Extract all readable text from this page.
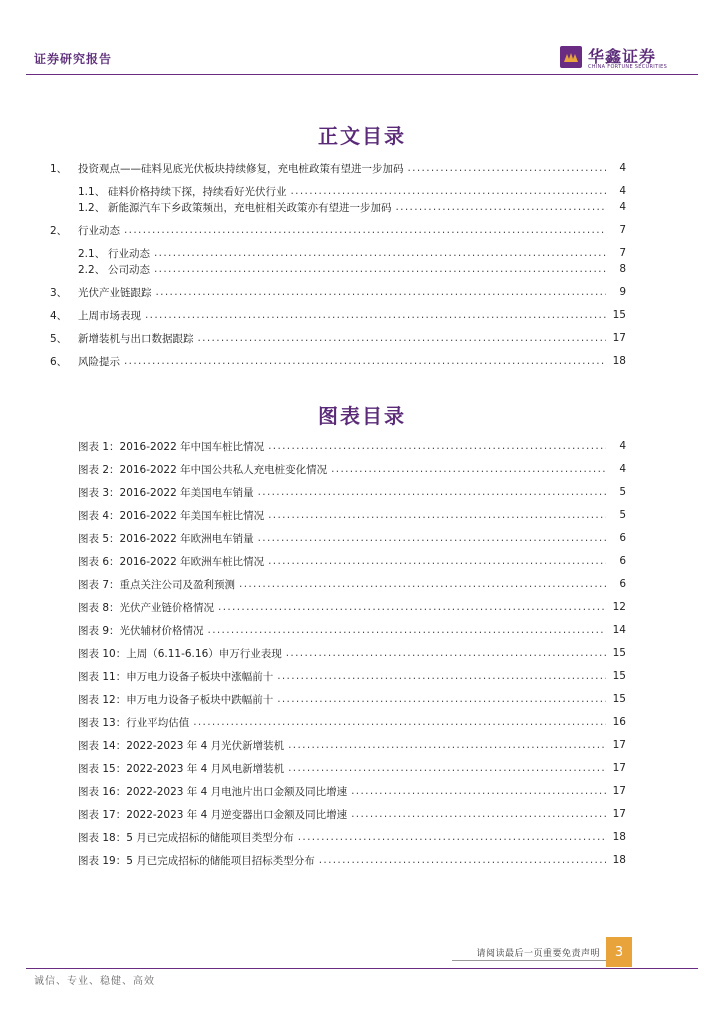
证券研究报告	华鑫证券
CHINA FORTUNE SECURITIES
正文目录
1、	投资观点——硅料见底光伏板块持续修复，充电桩政策有望进一步加码 . . .	4
1.1、 硅料价格持续下探，持续看好光伏行业 . . .	4
1.2、 新能源汽车下乡政策频出，充电桩相关政策亦有望进一步加码 . . .	4
2、	行业动态 . . .	7
2.1、 行业动态 . . .	7
2.2、 公司动态 . . .	8
3、	光伏产业链跟踪 . . .	9
4、	上周市场表现 . . .	15
5、	新增装机与出口数据跟踪 . . .	17
6、	风险提示 . . .	18
图表目录
图表 1：2016-2022 年中国车桩比情况 . . .	4
图表 2：2016-2022 年中国公共私人充电桩变化情况 . . .	4
图表 3：2016-2022 年美国电车销量 . . .	5
图表 4：2016-2022 年美国车桩比情况 . . .	5
图表 5：2016-2022 年欧洲电车销量 . . .	6
图表 6：2016-2022 年欧洲车桩比情况 . . .	6
图表 7：重点关注公司及盈利预测 . . .	6
图表 8：光伏产业链价格情况 . . .	12
图表 9：光伏辅材价格情况 . . .	14
图表 10：上周（6.11-6.16）申万行业表现 . . .	15
图表 11：申万电力设备子板块中涨幅前十 . . .	15
图表 12：申万电力设备子板块中跌幅前十 . . .	15
图表 13：行业平均估值 . . .	16
图表 14：2022-2023 年 4 月光伏新增装机 . . .	17
图表 15：2022-2023 年 4 月风电新增装机 . . .	17
图表 16：2022-2023 年 4 月电池片出口金额及同比增速 . . .	17
图表 17：2022-2023 年 4 月逆变器出口金额及同比增速 . . .	17
图表 18：5 月已完成招标的储能项目类型分布 . . .	18
图表 19：5 月已完成招标的储能项目招标类型分布 . . .	18
请阅读最后一页重要免责声明	3
诚信、专业、稳健、高效
